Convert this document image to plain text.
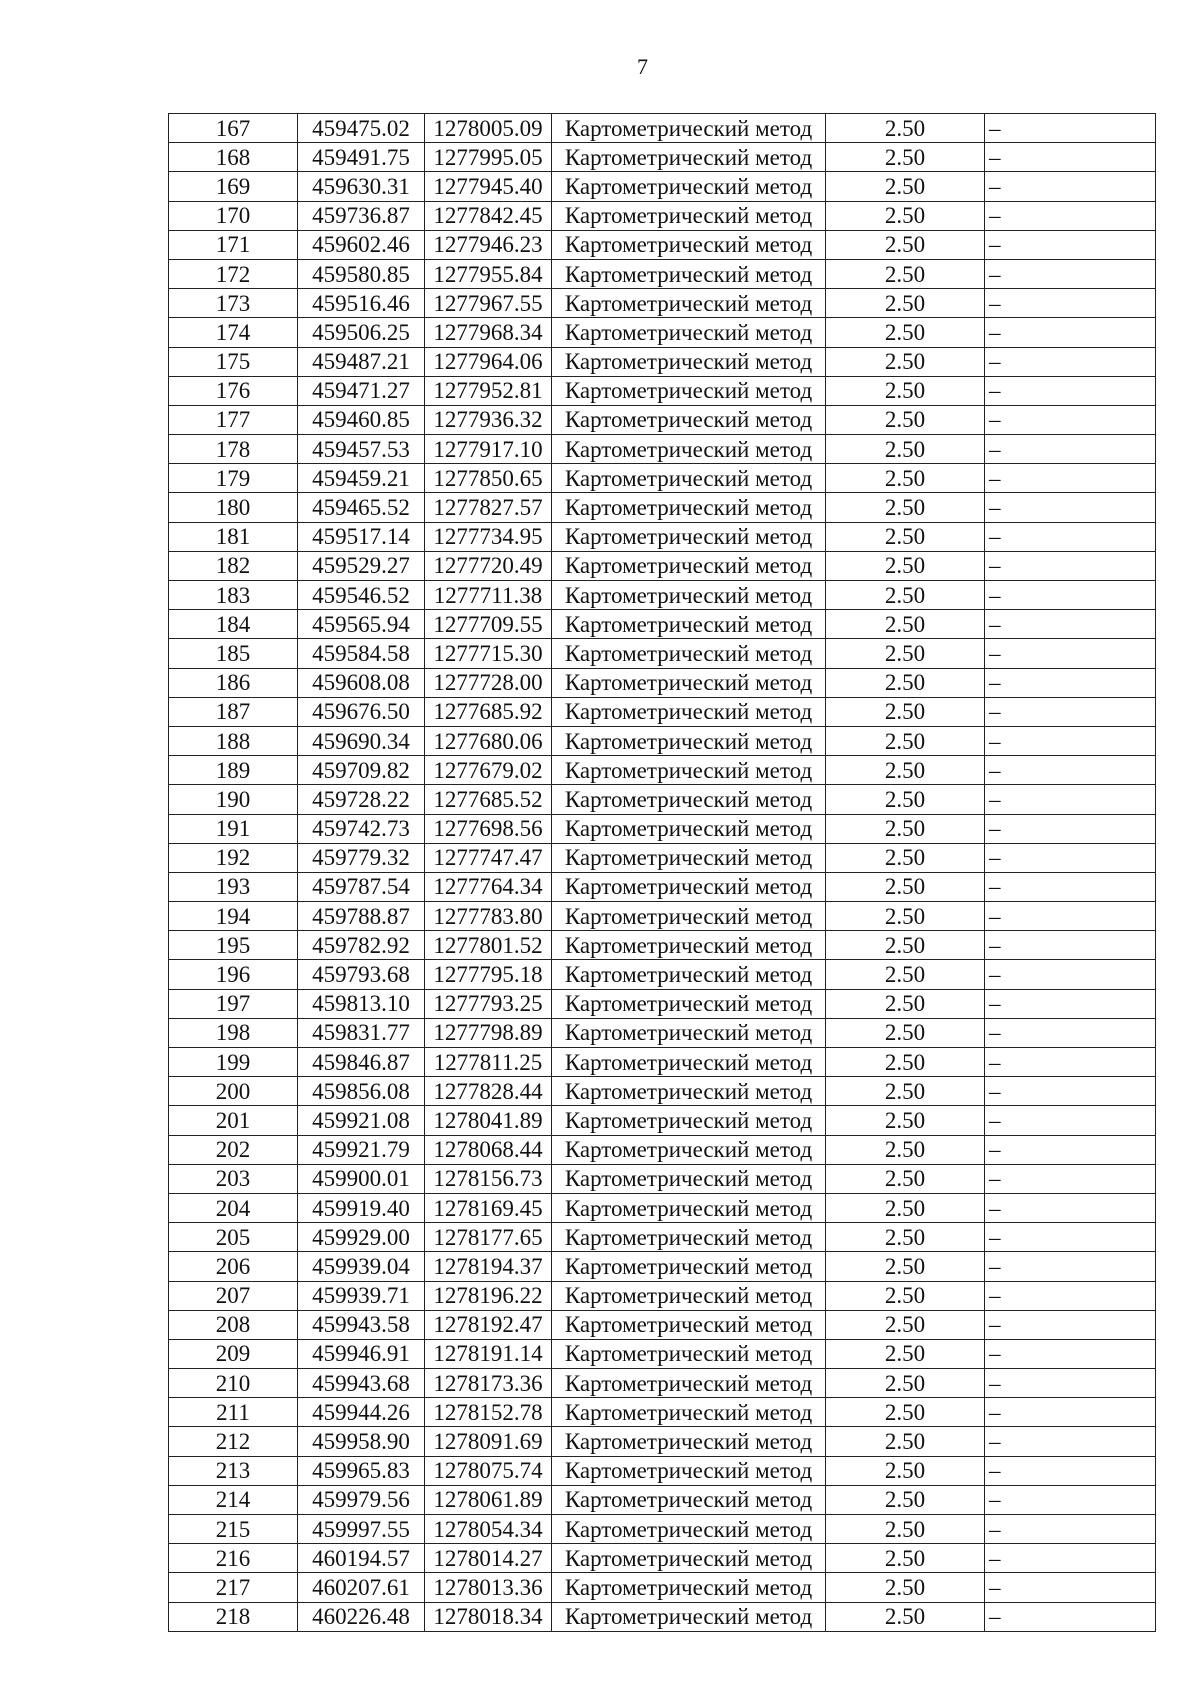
7
167	459475.02	1278005.09	Картометрический метод	2.50	–
168	459491.75	1277995.05	Картометрический метод	2.50	–
169	459630.31	1277945.40	Картометрический метод	2.50	–
170	459736.87	1277842.45	Картометрический метод	2.50	–
171	459602.46	1277946.23	Картометрический метод	2.50	–
172	459580.85	1277955.84	Картометрический метод	2.50	–
173	459516.46	1277967.55	Картометрический метод	2.50	–
174	459506.25	1277968.34	Картометрический метод	2.50	–
175	459487.21	1277964.06	Картометрический метод	2.50	–
176	459471.27	1277952.81	Картометрический метод	2.50	–
177	459460.85	1277936.32	Картометрический метод	2.50	–
178	459457.53	1277917.10	Картометрический метод	2.50	–
179	459459.21	1277850.65	Картометрический метод	2.50	–
180	459465.52	1277827.57	Картометрический метод	2.50	–
181	459517.14	1277734.95	Картометрический метод	2.50	–
182	459529.27	1277720.49	Картометрический метод	2.50	–
183	459546.52	1277711.38	Картометрический метод	2.50	–
184	459565.94	1277709.55	Картометрический метод	2.50	–
185	459584.58	1277715.30	Картометрический метод	2.50	–
186	459608.08	1277728.00	Картометрический метод	2.50	–
187	459676.50	1277685.92	Картометрический метод	2.50	–
188	459690.34	1277680.06	Картометрический метод	2.50	–
189	459709.82	1277679.02	Картометрический метод	2.50	–
190	459728.22	1277685.52	Картометрический метод	2.50	–
191	459742.73	1277698.56	Картометрический метод	2.50	–
192	459779.32	1277747.47	Картометрический метод	2.50	–
193	459787.54	1277764.34	Картометрический метод	2.50	–
194	459788.87	1277783.80	Картометрический метод	2.50	–
195	459782.92	1277801.52	Картометрический метод	2.50	–
196	459793.68	1277795.18	Картометрический метод	2.50	–
197	459813.10	1277793.25	Картометрический метод	2.50	–
198	459831.77	1277798.89	Картометрический метод	2.50	–
199	459846.87	1277811.25	Картометрический метод	2.50	–
200	459856.08	1277828.44	Картометрический метод	2.50	–
201	459921.08	1278041.89	Картометрический метод	2.50	–
202	459921.79	1278068.44	Картометрический метод	2.50	–
203	459900.01	1278156.73	Картометрический метод	2.50	–
204	459919.40	1278169.45	Картометрический метод	2.50	–
205	459929.00	1278177.65	Картометрический метод	2.50	–
206	459939.04	1278194.37	Картометрический метод	2.50	–
207	459939.71	1278196.22	Картометрический метод	2.50	–
208	459943.58	1278192.47	Картометрический метод	2.50	–
209	459946.91	1278191.14	Картометрический метод	2.50	–
210	459943.68	1278173.36	Картометрический метод	2.50	–
211	459944.26	1278152.78	Картометрический метод	2.50	–
212	459958.90	1278091.69	Картометрический метод	2.50	–
213	459965.83	1278075.74	Картометрический метод	2.50	–
214	459979.56	1278061.89	Картометрический метод	2.50	–
215	459997.55	1278054.34	Картометрический метод	2.50	–
216	460194.57	1278014.27	Картометрический метод	2.50	–
217	460207.61	1278013.36	Картометрический метод	2.50	–
218	460226.48	1278018.34	Картометрический метод	2.50	–
